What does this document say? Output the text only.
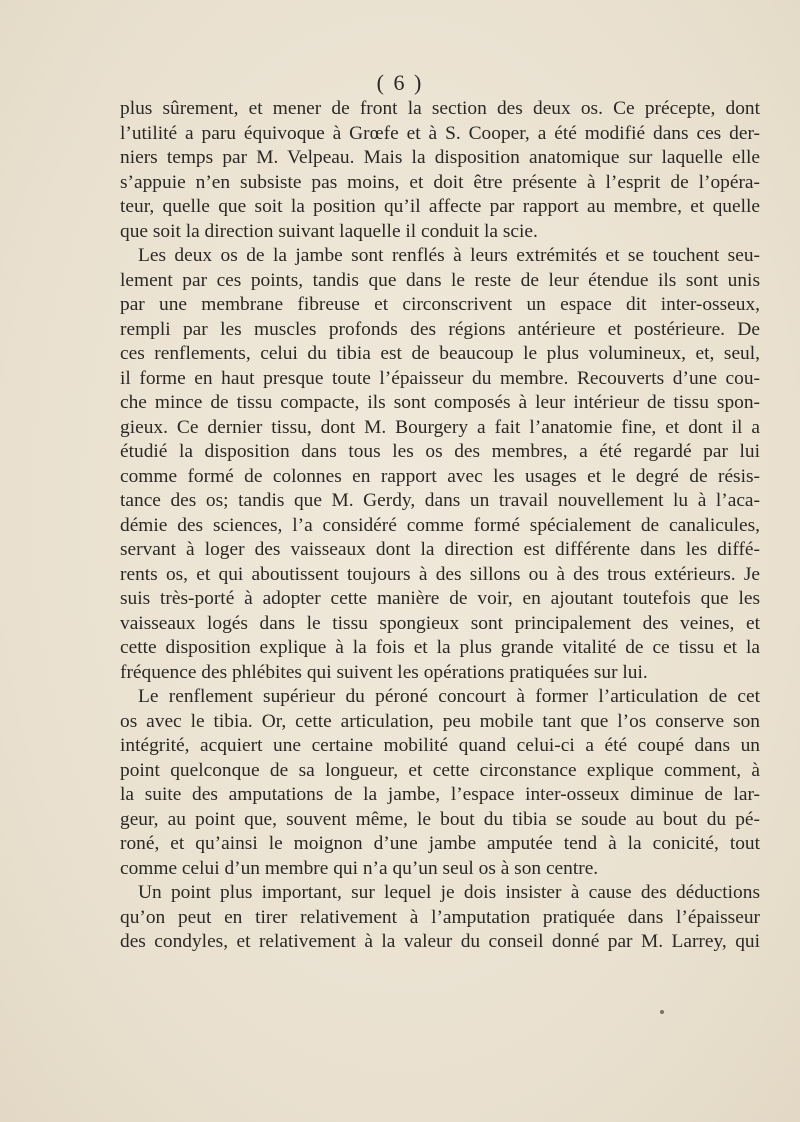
( 6 )
plus sûrement, et mener de front la section des deux os. Ce précepte, dont
l’utilité a paru équivoque à Grœfe et à S. Cooper, a été modifié dans ces der-
niers temps par M. Velpeau. Mais la disposition anatomique sur laquelle elle
s’appuie n’en subsiste pas moins, et doit être présente à l’esprit de l’opéra-
teur, quelle que soit la position qu’il affecte par rapport au membre, et quelle
que soit la direction suivant laquelle il conduit la scie.
Les deux os de la jambe sont renflés à leurs extrémités et se touchent seu-
lement par ces points, tandis que dans le reste de leur étendue ils sont unis
par une membrane fibreuse et circonscrivent un espace dit inter-osseux,
rempli par les muscles profonds des régions antérieure et postérieure. De
ces renflements, celui du tibia est de beaucoup le plus volumineux, et, seul,
il forme en haut presque toute l’épaisseur du membre. Recouverts d’une cou-
che mince de tissu compacte, ils sont composés à leur intérieur de tissu spon-
gieux. Ce dernier tissu, dont M. Bourgery a fait l’anatomie fine, et dont il a
étudié la disposition dans tous les os des membres, a été regardé par lui
comme formé de colonnes en rapport avec les usages et le degré de résis-
tance des os; tandis que M. Gerdy, dans un travail nouvellement lu à l’aca-
démie des sciences, l’a considéré comme formé spécialement de canalicules,
servant à loger des vaisseaux dont la direction est différente dans les diffé-
rents os, et qui aboutissent toujours à des sillons ou à des trous extérieurs. Je
suis très-porté à adopter cette manière de voir, en ajoutant toutefois que les
vaisseaux logés dans le tissu spongieux sont principalement des veines, et
cette disposition explique à la fois et la plus grande vitalité de ce tissu et la
fréquence des phlébites qui suivent les opérations pratiquées sur lui.
Le renflement supérieur du péroné concourt à former l’articulation de cet
os avec le tibia. Or, cette articulation, peu mobile tant que l’os conserve son
intégrité, acquiert une certaine mobilité quand celui-ci a été coupé dans un
point quelconque de sa longueur, et cette circonstance explique comment, à
la suite des amputations de la jambe, l’espace inter-osseux diminue de lar-
geur, au point que, souvent même, le bout du tibia se soude au bout du pé-
roné, et qu’ainsi le moignon d’une jambe amputée tend à la conicité, tout
comme celui d’un membre qui n’a qu’un seul os à son centre.
Un point plus important, sur lequel je dois insister à cause des déductions
qu’on peut en tirer relativement à l’amputation pratiquée dans l’épaisseur
des condyles, et relativement à la valeur du conseil donné par M. Larrey, qui
